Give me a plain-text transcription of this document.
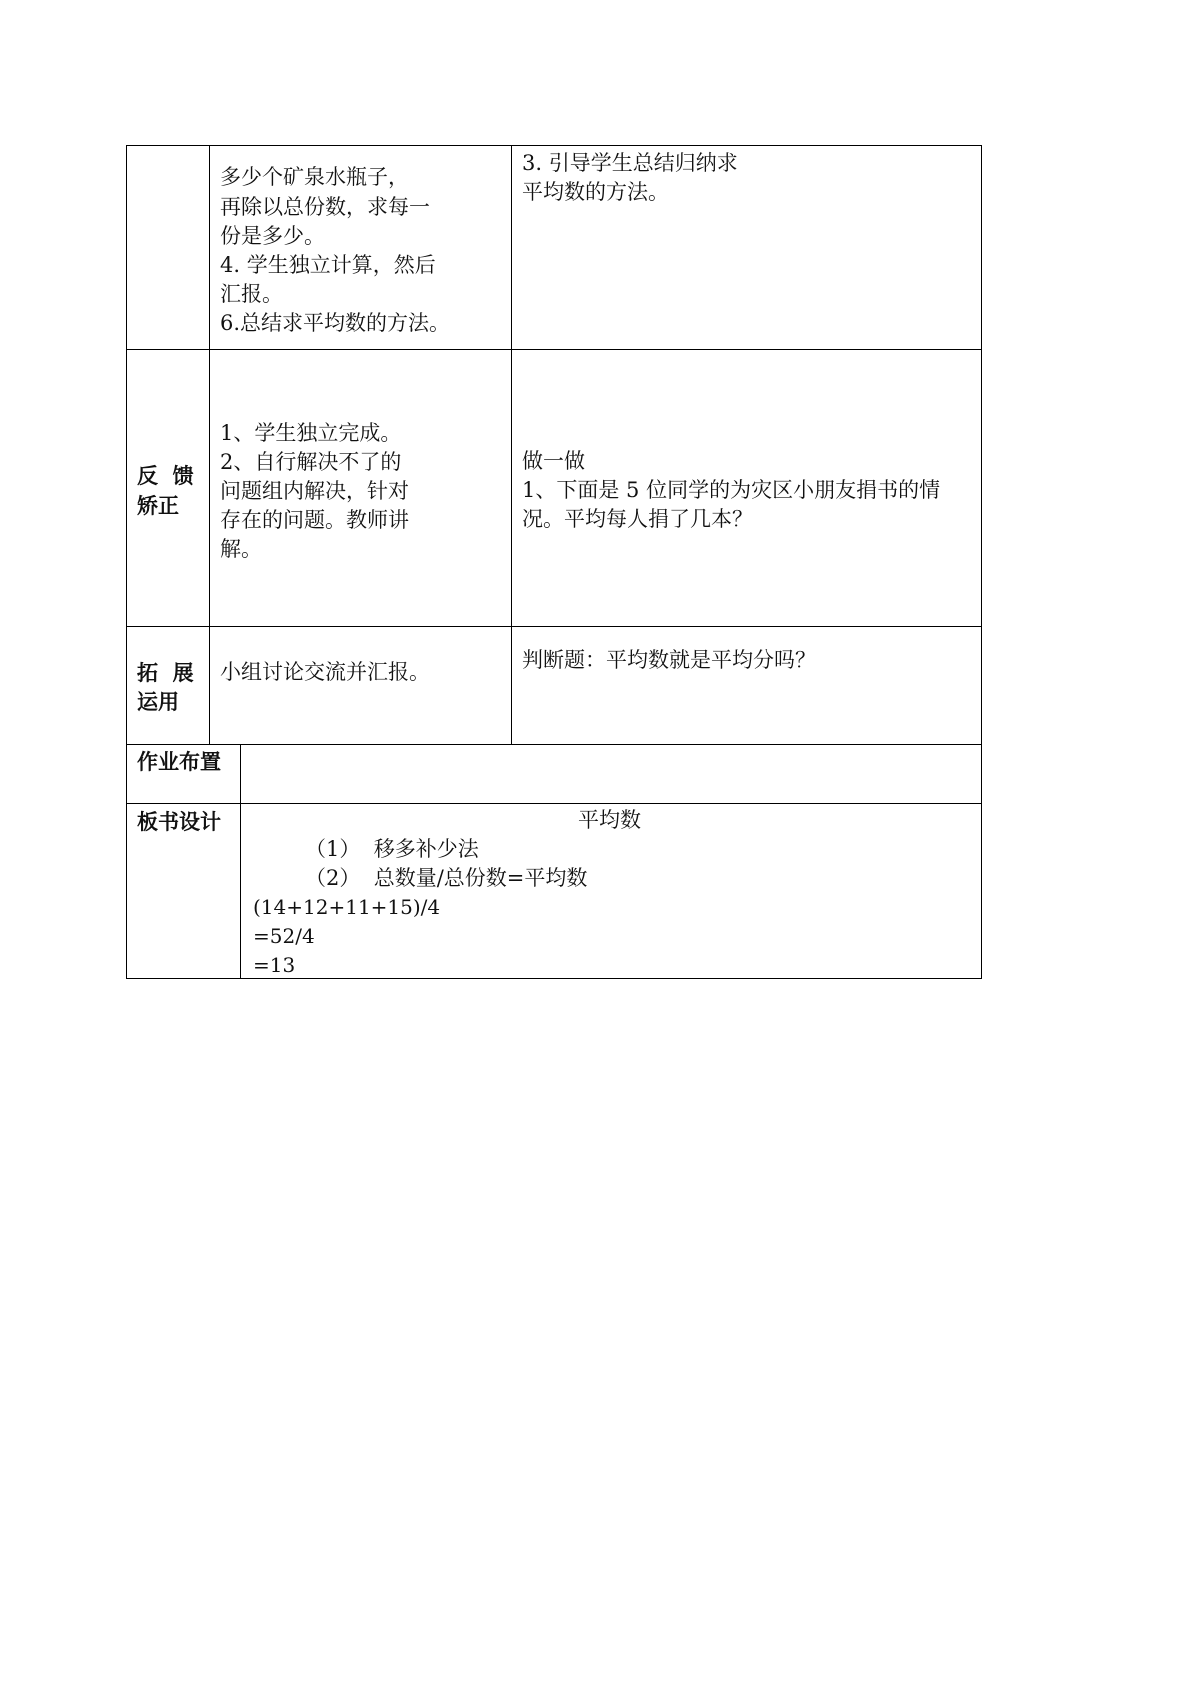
多少个矿泉水瓶子，
再除以总份数，求每一
份是多少。
4. 学生独立计算，然后
汇报。
6.总结求平均数的方法。
3. 引导学生总结归纳求
平均数的方法。
反  馈
矫正
1、学生独立完成。
2、自行解决不了的
问题组内解决，针对
存在的问题。教师讲
解。
做一做
1、下面是 5 位同学的为灾区小朋友捐书的情
况。平均每人捐了几本？
拓  展
运用
小组讨论交流并汇报。	判断题：平均数就是平均分吗？
作业布置
板书设计	平均数
（1）  移多补少法
（2）  总数量/总份数=平均数
(14+12+11+15)/4
=52/4
=13
